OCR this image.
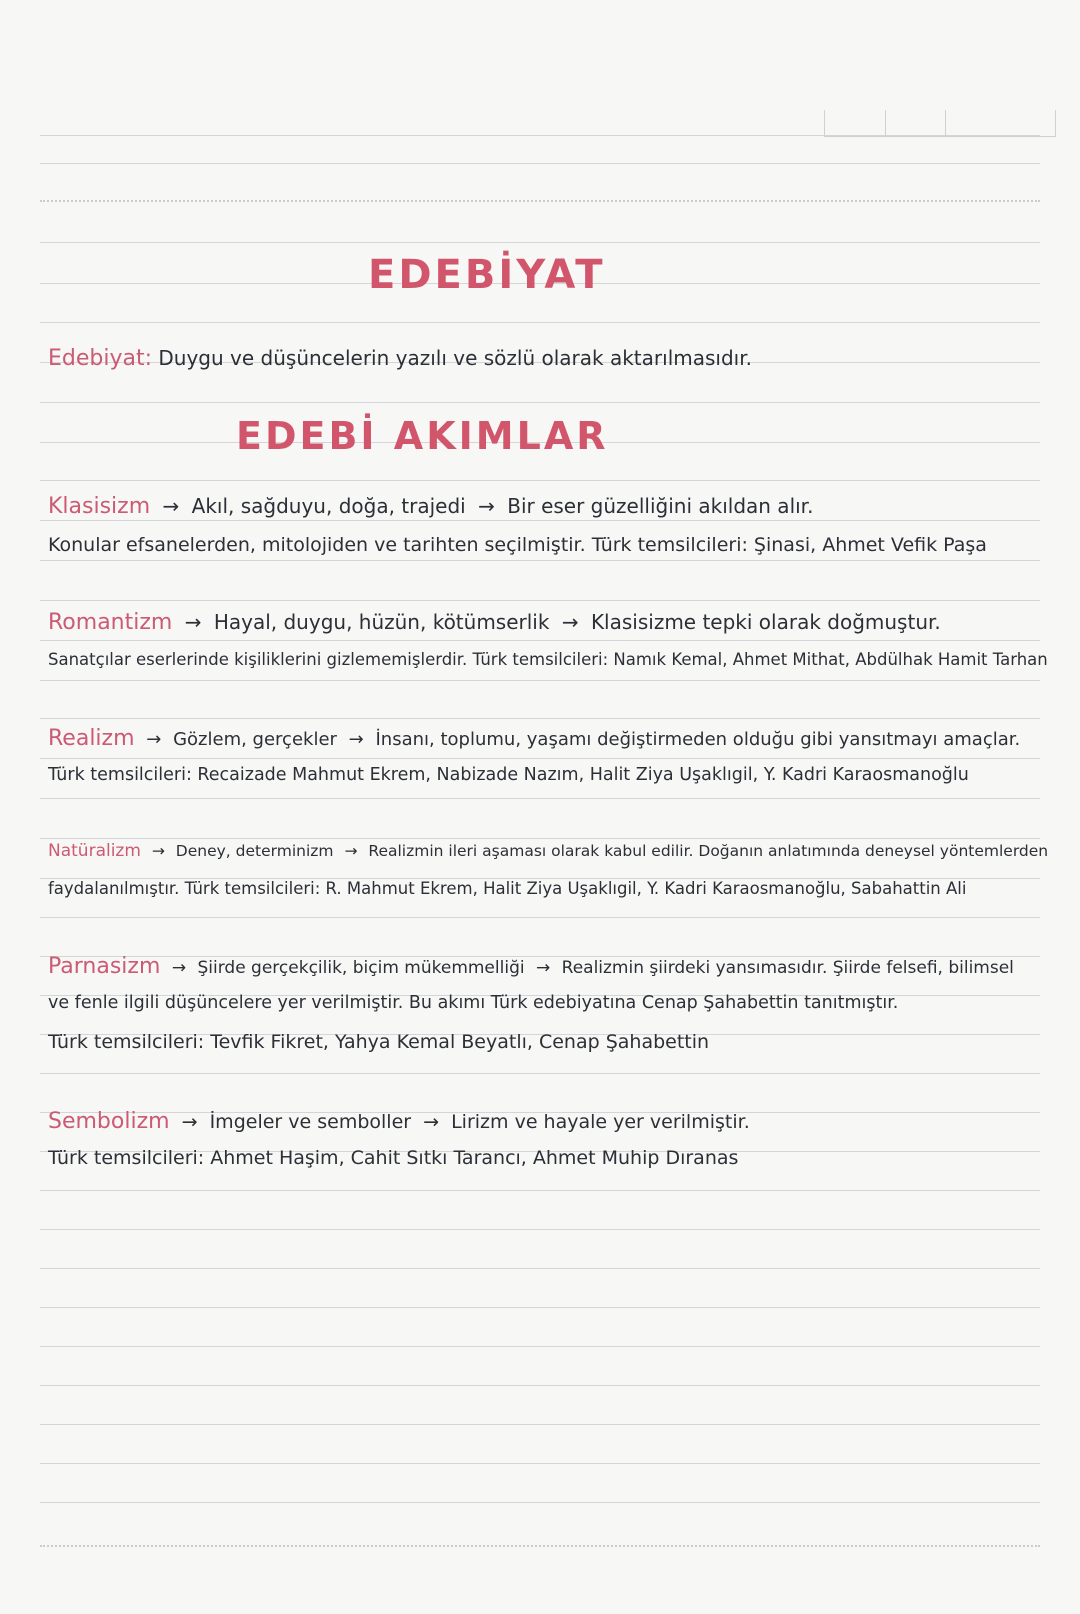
EDEBİYAT
Edebiyat: Duygu ve düşüncelerin yazılı ve sözlü olarak aktarılmasıdır.
EDEBİ AKIMLAR
Klasisizm → Akıl, sağduyu, doğa, trajedi → Bir eser güzelliğini akıldan alır.
Konular efsanelerden, mitolojiden ve tarihten seçilmiştir. Türk temsilcileri: Şinasi, Ahmet Vefik Paşa
Romantizm → Hayal, duygu, hüzün, kötümserlik → Klasisizme tepki olarak doğmuştur.
Sanatçılar eserlerinde kişiliklerini gizlememişlerdir. Türk temsilcileri: Namık Kemal, Ahmet Mithat, Abdülhak Hamit Tarhan
Realizm → Gözlem, gerçekler → İnsanı, toplumu, yaşamı değiştirmeden olduğu gibi yansıtmayı amaçlar.
Türk temsilcileri: Recaizade Mahmut Ekrem, Nabizade Nazım, Halit Ziya Uşaklıgil, Y. Kadri Karaosmanoğlu
Natüralizm → Deney, determinizm → Realizmin ileri aşaması olarak kabul edilir. Doğanın anlatımında deneysel yöntemlerden
faydalanılmıştır. Türk temsilcileri: R. Mahmut Ekrem, Halit Ziya Uşaklıgil, Y. Kadri Karaosmanoğlu, Sabahattin Ali
Parnasizm → Şiirde gerçekçilik, biçim mükemmelliği → Realizmin şiirdeki yansımasıdır. Şiirde felsefi, bilimsel
ve fenle ilgili düşüncelere yer verilmiştir. Bu akımı Türk edebiyatına Cenap Şahabettin tanıtmıştır.
Türk temsilcileri: Tevfik Fikret, Yahya Kemal Beyatlı, Cenap Şahabettin
Sembolizm → İmgeler ve semboller → Lirizm ve hayale yer verilmiştir.
Türk temsilcileri: Ahmet Haşim, Cahit Sıtkı Tarancı, Ahmet Muhip Dıranas
